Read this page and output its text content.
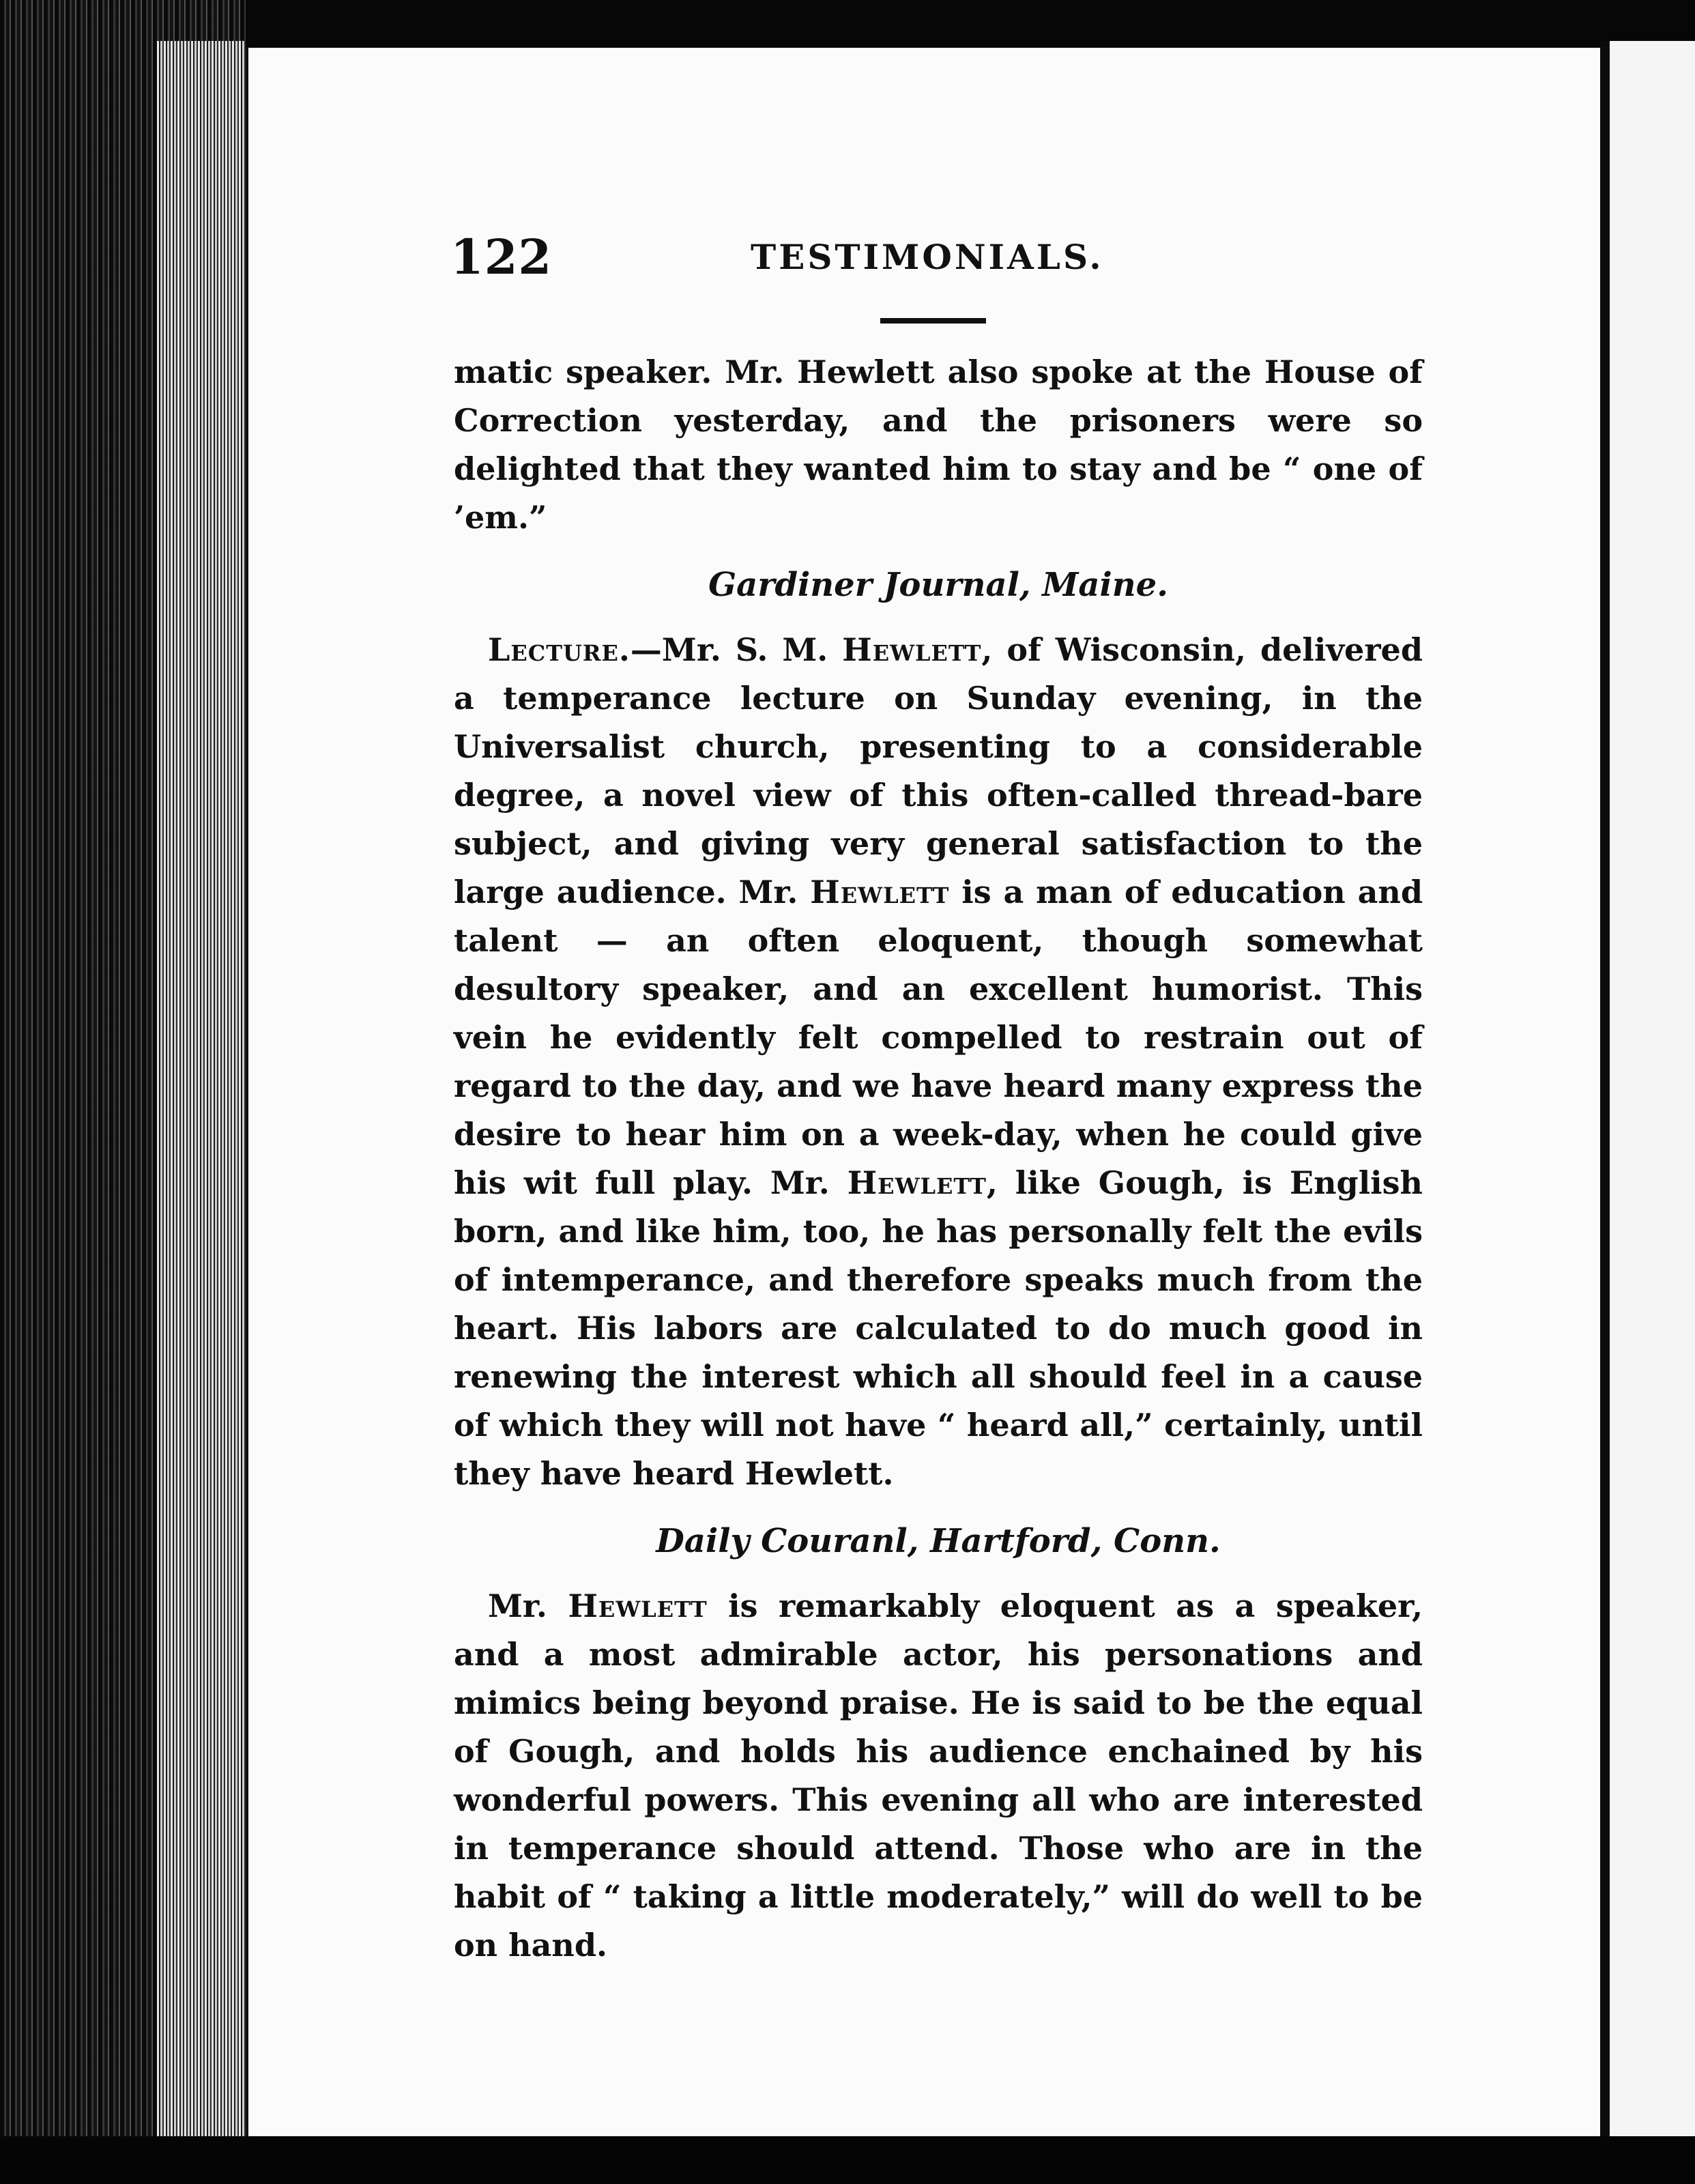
122	TESTIMONIALS.

matic speaker. Mr. Hewlett also spoke at the House of Correction yesterday, and the prisoners were so delighted that they wanted him to stay and be “ one of ’em.”

Gardiner Journal, Maine.

Lecture.—Mr. S. M. Hewlett, of Wisconsin, delivered a temperance lecture on Sunday evening, in the Universalist church, presenting to a considerable degree, a novel view of this often-called thread-bare subject, and giving very general satisfaction to the large audience. Mr. Hewlett is a man of education and talent — an often eloquent, though somewhat desultory speaker, and an excellent humorist. This vein he evidently felt compelled to restrain out of regard to the day, and we have heard many express the desire to hear him on a week-day, when he could give his wit full play. Mr. Hewlett, like Gough, is English born, and like him, too, he has personally felt the evils of intemperance, and therefore speaks much from the heart. His labors are calculated to do much good in renewing the interest which all should feel in a cause of which they will not have “ heard all,” certainly, until they have heard Hewlett.

Daily Couranl, Hartford, Conn.

Mr. Hewlett is remarkably eloquent as a speaker, and a most admirable actor, his personations and mimics being beyond praise. He is said to be the equal of Gough, and holds his audience enchained by his wonderful powers. This evening all who are interested in temperance should attend. Those who are in the habit of “ taking a little moderately,” will do well to be on hand.
